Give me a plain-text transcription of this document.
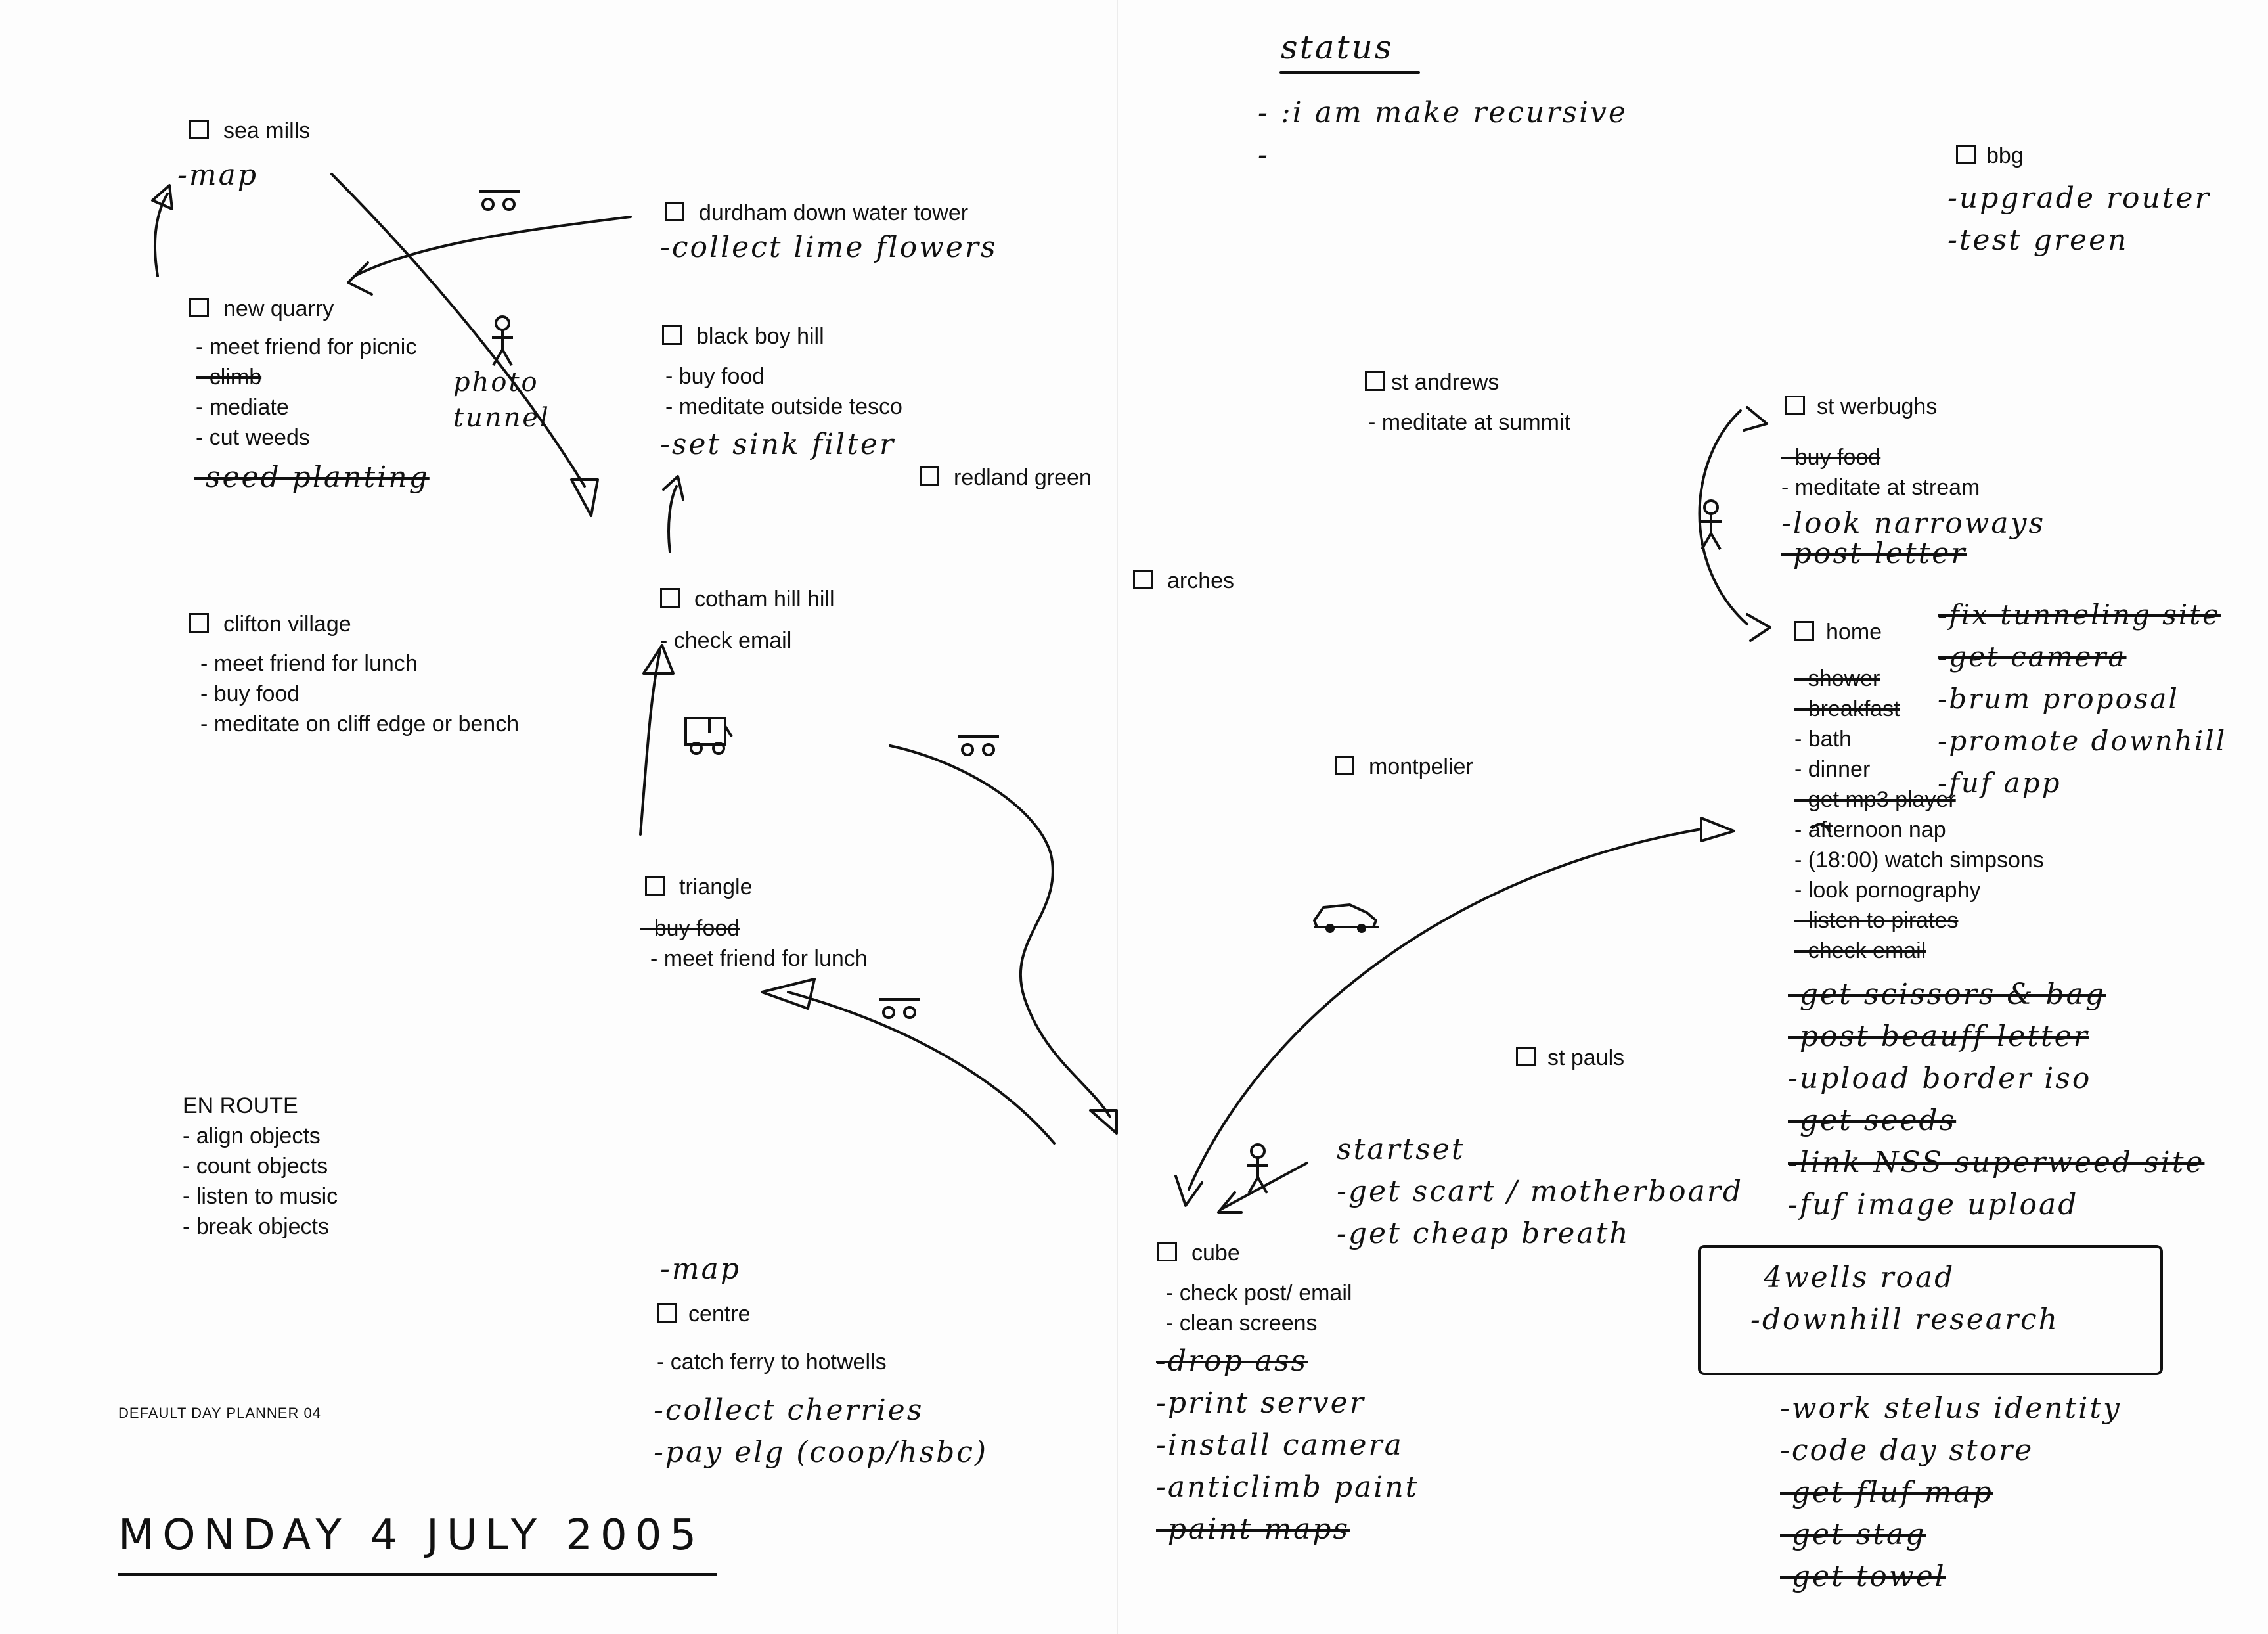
status
- :i am make recursive
-
sea mills
-map
new quarry
- meet friend for picnic
- climb
- mediate
- cut weeds
-seed planting
photo tunnel
clifton village
- meet friend for lunch
- buy food
- meditate on cliff edge or bench
durdham down water tower
-collect lime flowers
black boy hill
- buy food
- meditate outside tesco
-set sink filter
redland green
cotham hill hill
- check email
triangle
- buy food
- meet friend for lunch
arches
st andrews
- meditate at summit
montpelier
st pauls
st werbughs
- buy food
- meditate at stream
-look narroways
-post letter
home
- shower
- breakfast
- bath
- dinner
- get mp3 player
- afternoon nap
- (18:00) watch simpsons
- look pornography
- listen to pirates
- check email
-fix tunneling site
-get camera
-brum proposal
-promote downhill
-fuf app
-get scissors & bag
-post beauff letter
-upload border iso
-get seeds
-link NSS superweed site
-fuf image upload
4wells road
-downhill research
-work stelus identity
-code day store
-get fluf map
-get stag
-get towel
bbg
-upgrade router
-test green
startset
-get scart / motherboard
-get cheap breath
cube
- check post/ email
- clean screens
-drop ass
-print server
-install camera
-anticlimb paint
-paint maps
-map
centre
- catch ferry to hotwells
-collect cherries
-pay elg (coop/hsbc)
EN ROUTE
- align objects
- count objects
- listen to music
- break objects
DEFAULT DAY PLANNER 04
MONDAY 4 JULY 2005
